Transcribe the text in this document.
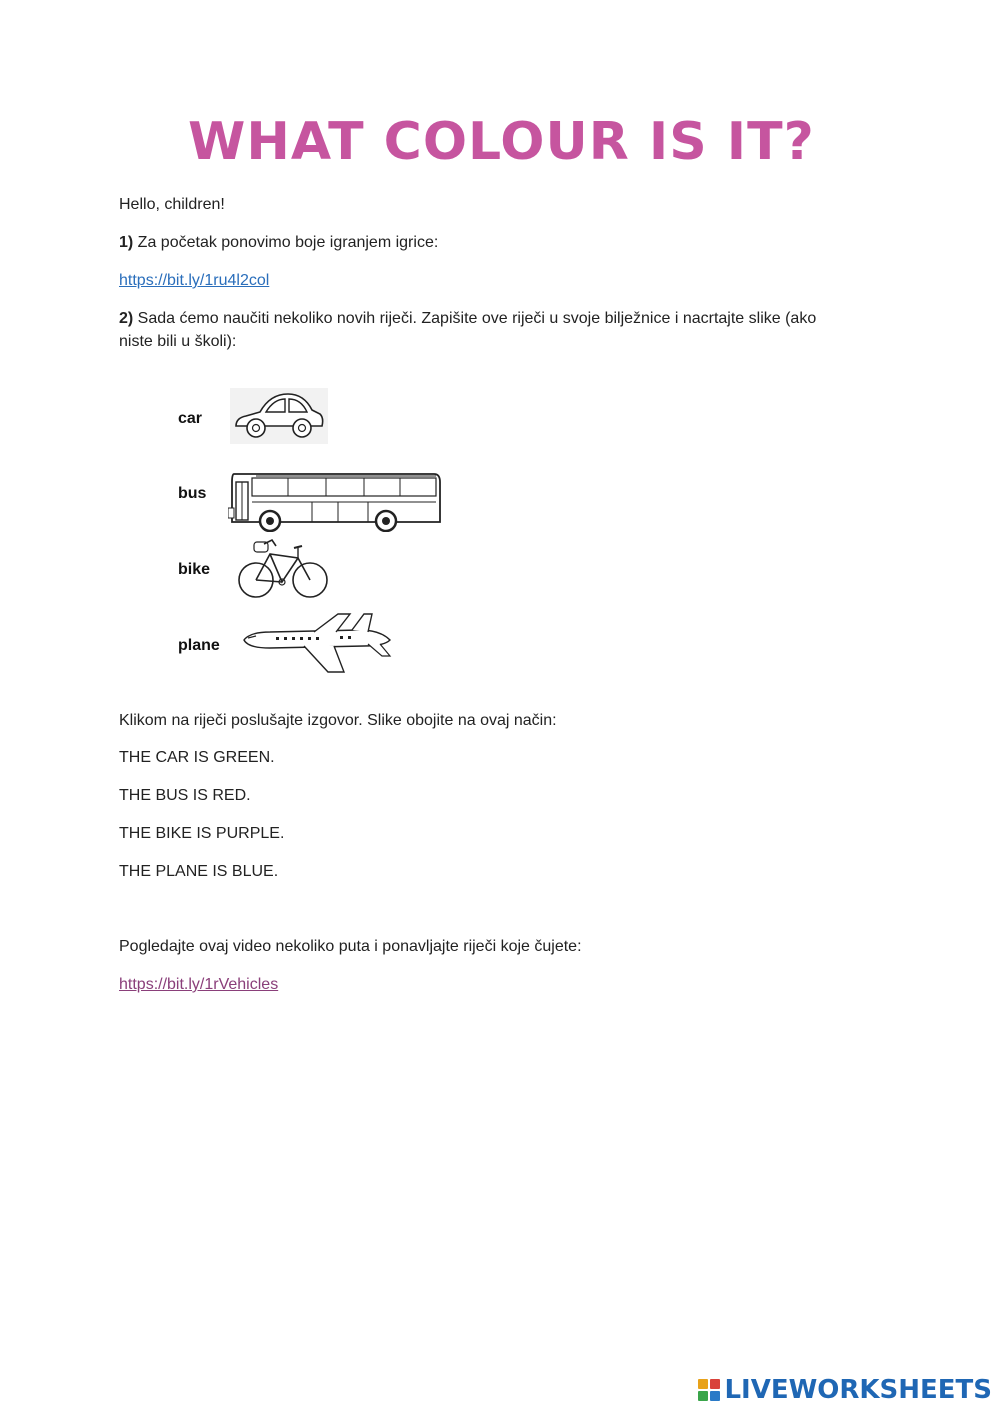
WHAT COLOUR IS IT?

Hello, children!

1) Za početak ponovimo boje igranjem igrice:

https://bit.ly/1ru4l2col

2) Sada ćemo naučiti nekoliko novih riječi. Zapišite ove riječi u svoje bilježnice i nacrtajte slike (ako

niste bili u školi):

car
bus
bike
plane

Klikom na riječi poslušajte izgovor. Slike obojite na ovaj način:

THE CAR IS GREEN.

THE BUS IS RED.

THE BIKE IS PURPLE.

THE PLANE IS BLUE.

Pogledajte ovaj video nekoliko puta i ponavljajte riječi koje čujete:

https://bit.ly/1rVehicles

LIVEWORKSHEETS
